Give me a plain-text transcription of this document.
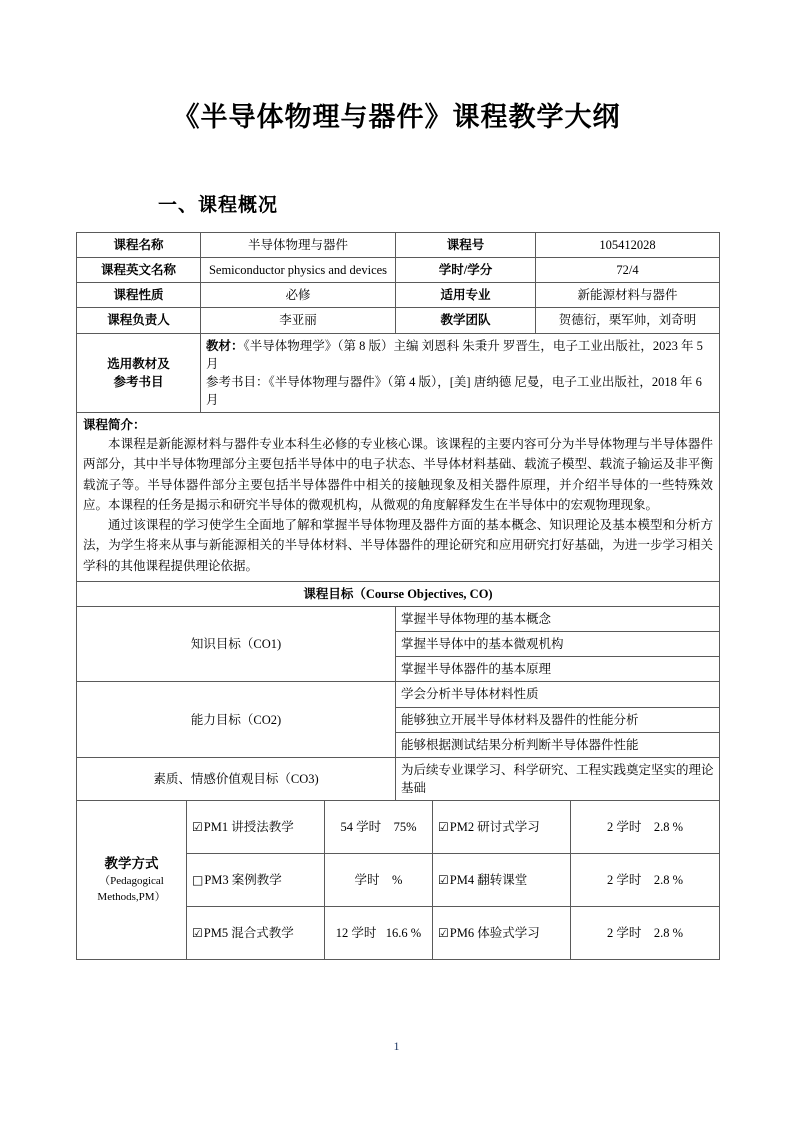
《半导体物理与器件》课程教学大纲
一、课程概况
课程名称	半导体物理与器件	课程号	105412028
课程英文名称	Semiconductor physics and devices	学时/学分	72/4
课程性质	必修	适用专业	新能源材料与器件
课程负责人	李亚丽	教学团队	贺德衍，栗军帅，刘奇明
选用教材及
参考书目	教材：《半导体物理学》（第 8 版）主编 刘恩科 朱秉升 罗晋生，电子工业出版社，2023 年 5 月
参考书目：《半导体物理与器件》（第 4 版），[美] 唐纳德 尼曼，电子工业出版社，2018 年 6 月		

课程简介：

本课程是新能源材料与器件专业本科生必修的专业核心课。该课程的主要内容可分为半导体物理与半导体器件两部分，其中半导体物理部分主要包括半导体中的电子状态、半导体材料基础、载流子模型、载流子输运及非平衡载流子等。半导体器件部分主要包括半导体器件中相关的接触现象及相关器件原理，并介绍半导体的一些特殊效应。本课程的任务是揭示和研究半导体的微观机构，从微观的角度解释发生在半导体中的宏观物理现象。

通过该课程的学习使学生全面地了解和掌握半导体物理及器件方面的基本概念、知识理论及基本模型和分析方法，为学生将来从事与新能源相关的半导体材料、半导体器件的理论研究和应用研究打好基础，为进一步学习相关学科的其他课程提供理论依据。			

课程目标（Course Objectives, CO)			
知识目标（CO1)		掌握半导体物理的基本概念	
		掌握半导体中的基本微观机构	
		掌握半导体器件的基本原理	
能力目标（CO2)		学会分析半导体材料性质	
		能够独立开展半导体材料及器件的性能分析	
		能够根据测试结果分析判断半导体器件性能	
素质、情感价值观目标（CO3)		为后续专业课学习、科学研究、工程实践奠定坚实的理论基础	
教学方式
（Pedagogical
Methods,PM）	☑PM1 讲授法教学	54 学时 75%	☑PM2 研讨式学习	2 学时 2.8 %
	□PM3 案例教学	学时 %	☑PM4 翻转课堂	2 学时 2.8 %
	☑PM5 混合式教学	12 学时 16.6 %	☑PM6 体验式学习	2 学时 2.8 %
1
